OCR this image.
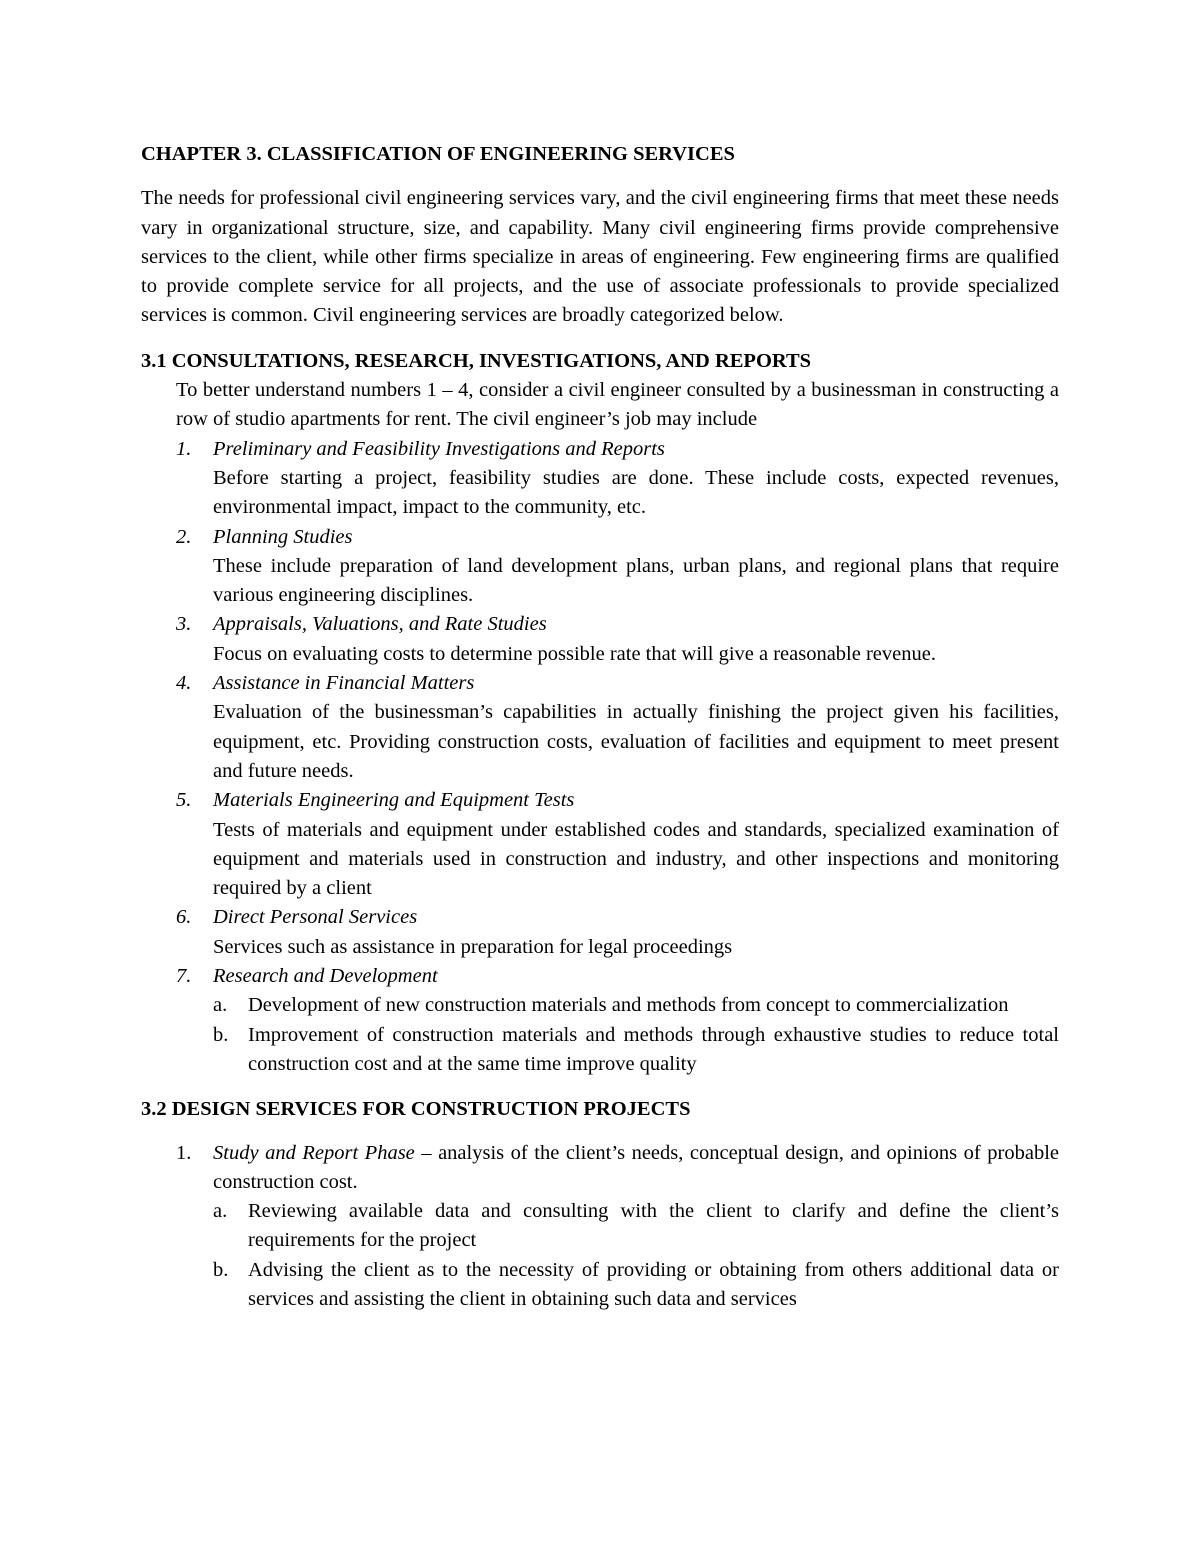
CHAPTER 3. CLASSIFICATION OF ENGINEERING SERVICES

The needs for professional civil engineering services vary, and the civil engineering firms that meet these needs vary in organizational structure, size, and capability. Many civil engineering firms provide comprehensive services to the client, while other firms specialize in areas of engineering. Few engineering firms are qualified to provide complete service for all projects, and the use of associate professionals to provide specialized services is common. Civil engineering services are broadly categorized below.

3.1 CONSULTATIONS, RESEARCH, INVESTIGATIONS, AND REPORTS
To better understand numbers 1 – 4, consider a civil engineer consulted by a businessman in constructing a row of studio apartments for rent. The civil engineer’s job may include
1. Preliminary and Feasibility Investigations and Reports
Before starting a project, feasibility studies are done. These include costs, expected revenues, environmental impact, impact to the community, etc.
2. Planning Studies
These include preparation of land development plans, urban plans, and regional plans that require various engineering disciplines.
3. Appraisals, Valuations, and Rate Studies
Focus on evaluating costs to determine possible rate that will give a reasonable revenue.
4. Assistance in Financial Matters
Evaluation of the businessman’s capabilities in actually finishing the project given his facilities, equipment, etc. Providing construction costs, evaluation of facilities and equipment to meet present and future needs.
5. Materials Engineering and Equipment Tests
Tests of materials and equipment under established codes and standards, specialized examination of equipment and materials used in construction and industry, and other inspections and monitoring required by a client
6. Direct Personal Services
Services such as assistance in preparation for legal proceedings
7. Research and Development
a. Development of new construction materials and methods from concept to commercialization
b. Improvement of construction materials and methods through exhaustive studies to reduce total construction cost and at the same time improve quality
3.2 DESIGN SERVICES FOR CONSTRUCTION PROJECTS
1. Study and Report Phase – analysis of the client’s needs, conceptual design, and opinions of probable construction cost.
a. Reviewing available data and consulting with the client to clarify and define the client’s requirements for the project
b. Advising the client as to the necessity of providing or obtaining from others additional data or services and assisting the client in obtaining such data and services
